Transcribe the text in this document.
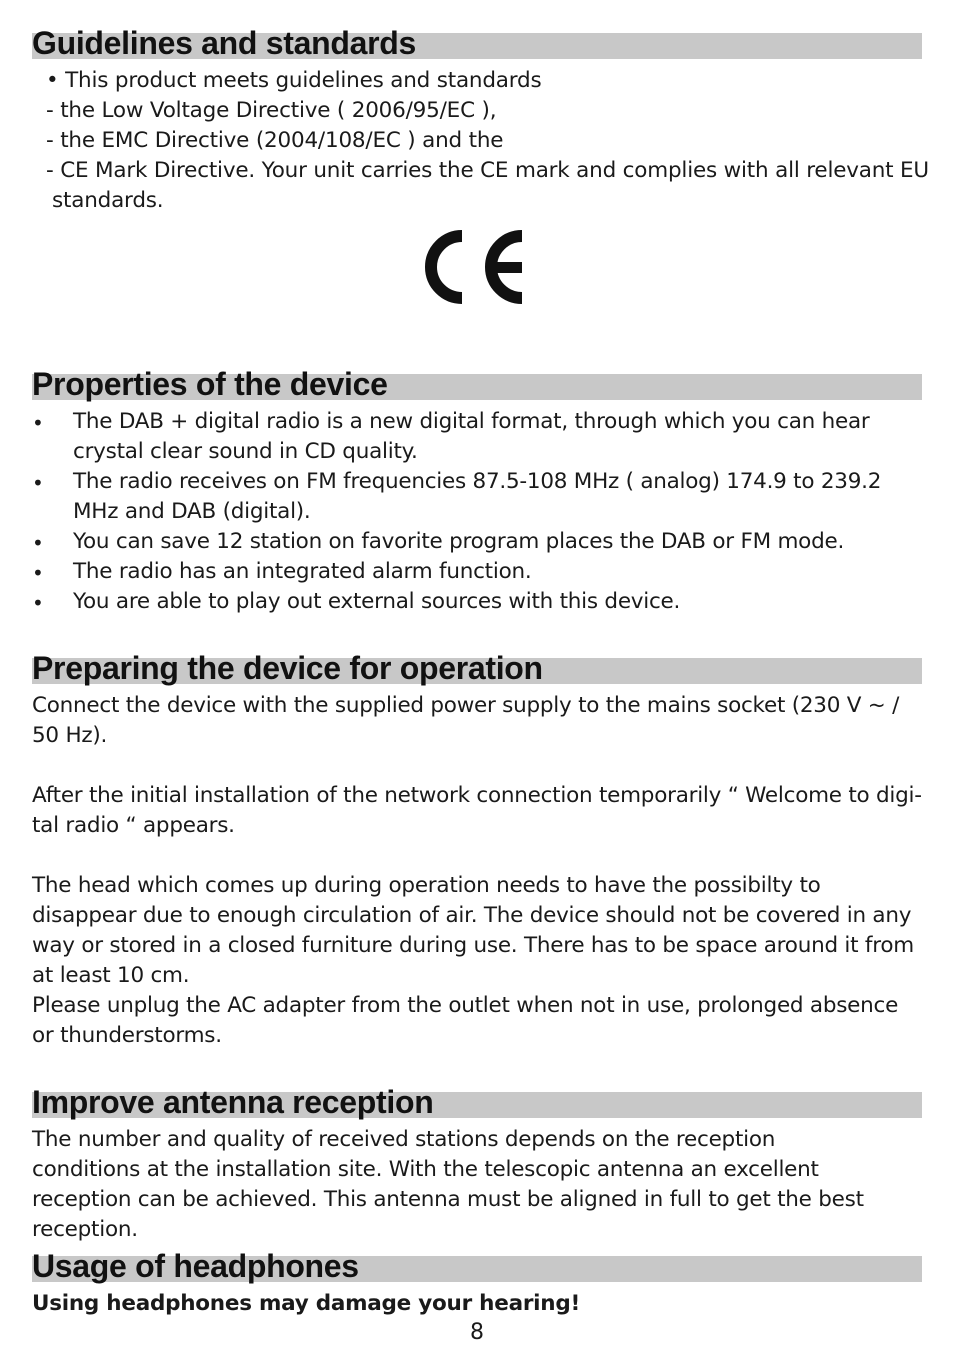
Guidelines and standards
• This product meets guidelines and standards
- the Low Voltage Directive ( 2006/95/EC ),
- the EMC Directive (2004/108/EC ) and the
- CE Mark Directive. Your unit carries the CE mark and complies with all relevant EU
standards.
Properties of the device
• The DAB + digital radio is a new digital format, through which you can hear crystal clear sound in CD quality.
• The radio receives on FM frequencies 87.5-108 MHz ( analog) 174.9 to 239.2 MHz and DAB (digital).
• You can save 12 station on favorite program places the DAB or FM mode.
• The radio has an integrated alarm function.
• You are able to play out external sources with this device.
Preparing the device for operation
Connect the device with the supplied power supply to the mains socket (230 V ~ / 50 Hz).
After the initial installation of the network connection temporarily “ Welcome to digi- tal radio “ appears.
The head which comes up during operation needs to have the possibilty to disappear due to enough circulation of air. The device should not be covered in any way or stored in a closed furniture during use. There has to be space around it from at least 10 cm.
Please unplug the AC adapter from the outlet when not in use, prolonged absence or thunderstorms.
Improve antenna reception
The number and quality of received stations depends on the reception conditions at the installation site. With the telescopic antenna an excellent reception can be achieved. This antenna must be aligned in full to get the best reception.
Usage of headphones
Using headphones may damage your hearing!
8
